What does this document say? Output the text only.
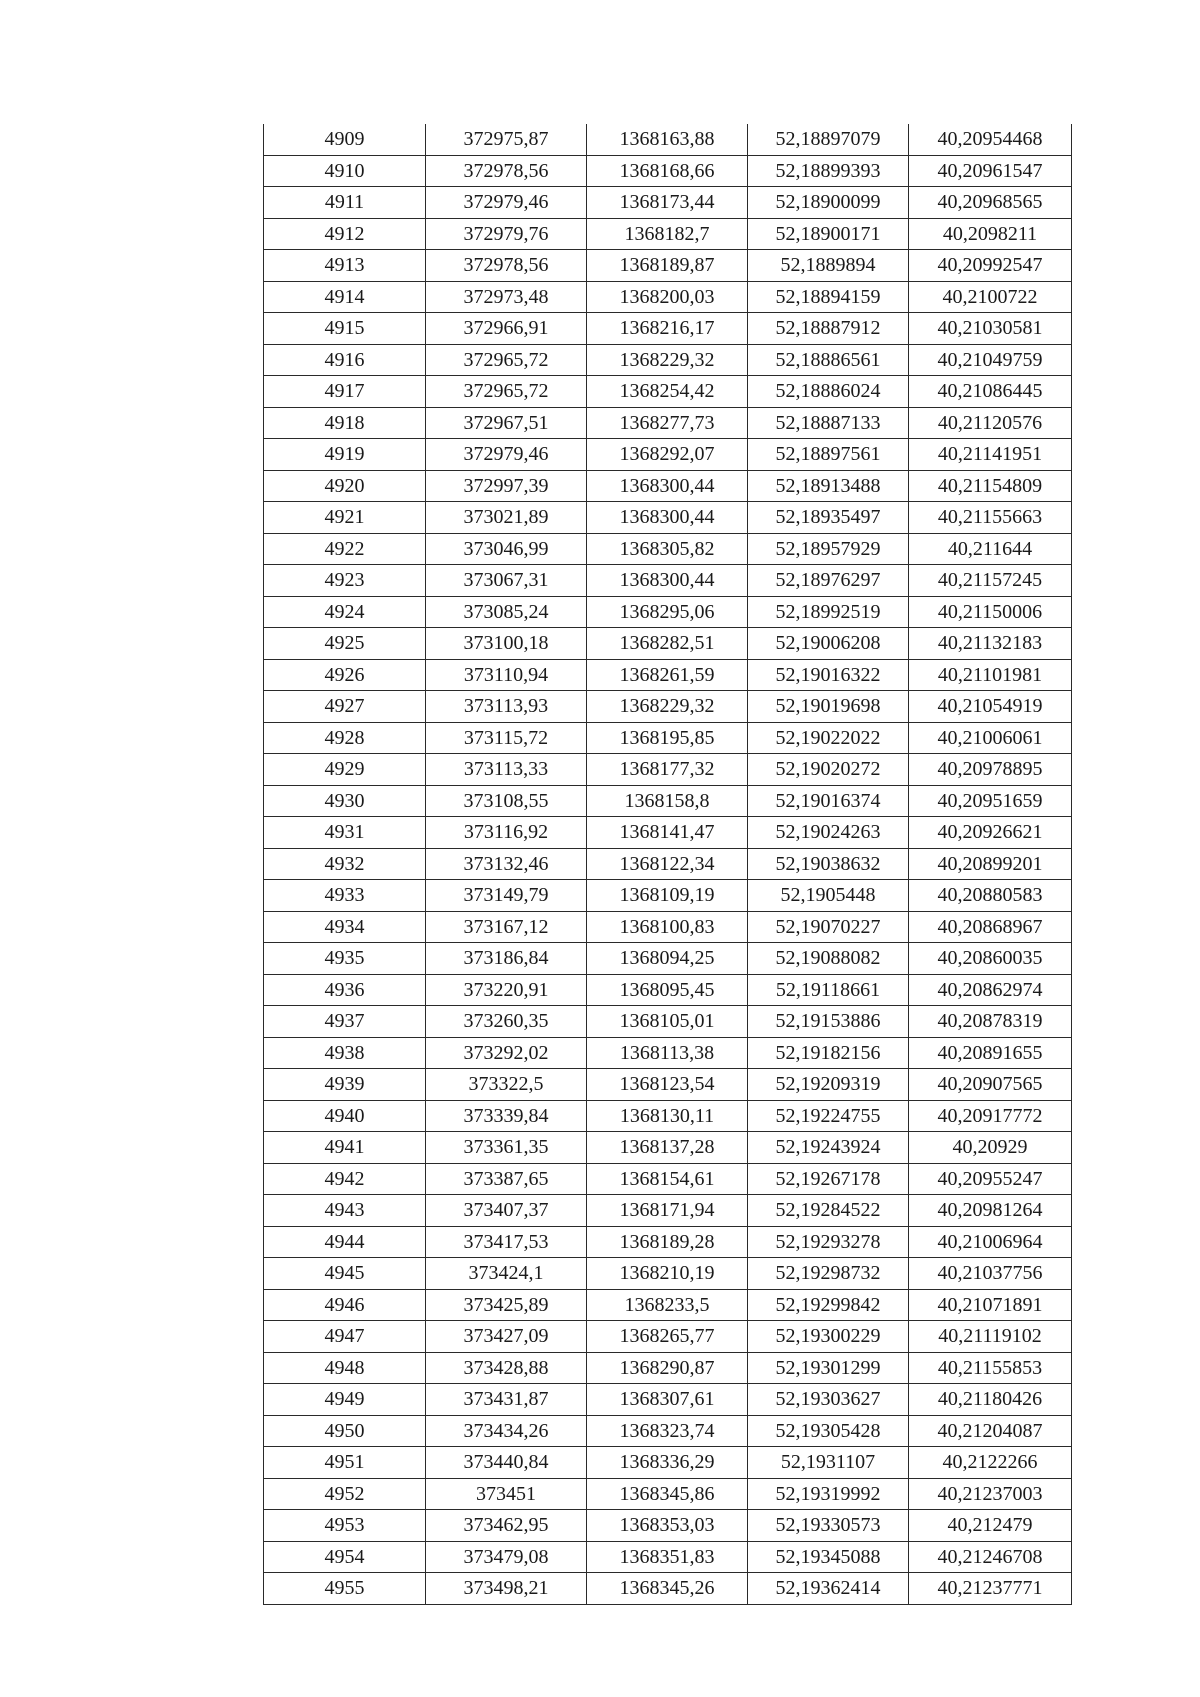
4909	372975,87	1368163,88	52,18897079	40,20954468
4910	372978,56	1368168,66	52,18899393	40,20961547
4911	372979,46	1368173,44	52,18900099	40,20968565
4912	372979,76	1368182,7	52,18900171	40,2098211
4913	372978,56	1368189,87	52,1889894	40,20992547
4914	372973,48	1368200,03	52,18894159	40,2100722
4915	372966,91	1368216,17	52,18887912	40,21030581
4916	372965,72	1368229,32	52,18886561	40,21049759
4917	372965,72	1368254,42	52,18886024	40,21086445
4918	372967,51	1368277,73	52,18887133	40,21120576
4919	372979,46	1368292,07	52,18897561	40,21141951
4920	372997,39	1368300,44	52,18913488	40,21154809
4921	373021,89	1368300,44	52,18935497	40,21155663
4922	373046,99	1368305,82	52,18957929	40,211644
4923	373067,31	1368300,44	52,18976297	40,21157245
4924	373085,24	1368295,06	52,18992519	40,21150006
4925	373100,18	1368282,51	52,19006208	40,21132183
4926	373110,94	1368261,59	52,19016322	40,21101981
4927	373113,93	1368229,32	52,19019698	40,21054919
4928	373115,72	1368195,85	52,19022022	40,21006061
4929	373113,33	1368177,32	52,19020272	40,20978895
4930	373108,55	1368158,8	52,19016374	40,20951659
4931	373116,92	1368141,47	52,19024263	40,20926621
4932	373132,46	1368122,34	52,19038632	40,20899201
4933	373149,79	1368109,19	52,1905448	40,20880583
4934	373167,12	1368100,83	52,19070227	40,20868967
4935	373186,84	1368094,25	52,19088082	40,20860035
4936	373220,91	1368095,45	52,19118661	40,20862974
4937	373260,35	1368105,01	52,19153886	40,20878319
4938	373292,02	1368113,38	52,19182156	40,20891655
4939	373322,5	1368123,54	52,19209319	40,20907565
4940	373339,84	1368130,11	52,19224755	40,20917772
4941	373361,35	1368137,28	52,19243924	40,20929
4942	373387,65	1368154,61	52,19267178	40,20955247
4943	373407,37	1368171,94	52,19284522	40,20981264
4944	373417,53	1368189,28	52,19293278	40,21006964
4945	373424,1	1368210,19	52,19298732	40,21037756
4946	373425,89	1368233,5	52,19299842	40,21071891
4947	373427,09	1368265,77	52,19300229	40,21119102
4948	373428,88	1368290,87	52,19301299	40,21155853
4949	373431,87	1368307,61	52,19303627	40,21180426
4950	373434,26	1368323,74	52,19305428	40,21204087
4951	373440,84	1368336,29	52,1931107	40,2122266
4952	373451	1368345,86	52,19319992	40,21237003
4953	373462,95	1368353,03	52,19330573	40,212479
4954	373479,08	1368351,83	52,19345088	40,21246708
4955	373498,21	1368345,26	52,19362414	40,21237771
